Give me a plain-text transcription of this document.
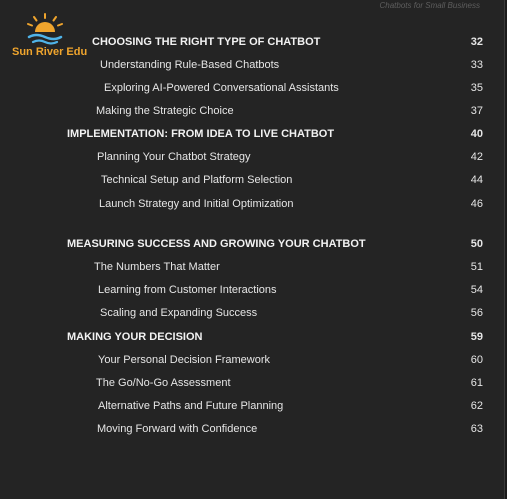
Chatbots for Small Business
Sun River Edu
CHOOSING THE RIGHT TYPE OF CHATBOT	32
Understanding Rule-Based Chatbots	33
Exploring AI‑Powered Conversational Assistants	35
Making the Strategic Choice	37
IMPLEMENTATION: FROM IDEA TO LIVE CHATBOT	40
Planning Your Chatbot Strategy	42
Technical Setup and Platform Selection	44
Launch Strategy and Initial Optimization	46
MEASURING SUCCESS AND GROWING YOUR CHATBOT	50
The Numbers That Matter	51
Learning from Customer Interactions	54
Scaling and Expanding Success	56
MAKING YOUR DECISION	59
Your Personal Decision Framework	60
The Go/No-Go Assessment	61
Alternative Paths and Future Planning	62
Moving Forward with Confidence	63
